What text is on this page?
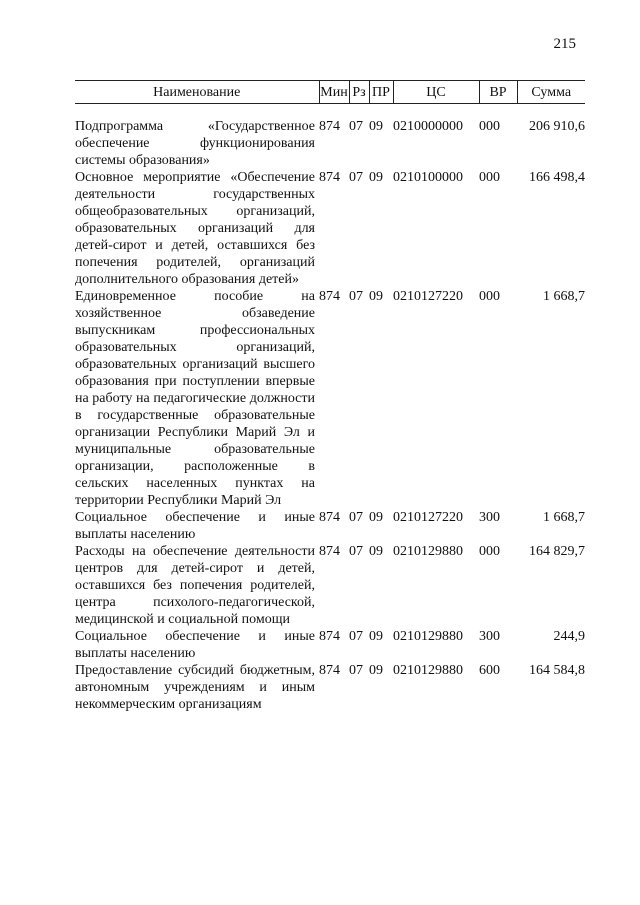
215
Наименование	Мин	Рз	ПР	ЦС	ВР	Сумма

Подпрограмма «Государственное обеспечение функционирования системы образования»	874	07	09	0210000000	000	206 910,6
Основное мероприятие «Обеспечение деятельности государственных общеобразовательных организаций, образовательных организаций для детей-сирот и детей, оставшихся без попечения родителей, организаций дополнительного образования детей»	874	07	09	0210100000	000	166 498,4
Единовременное пособие на хозяйственное обзаведение выпускникам профессиональных образовательных организаций, образовательных организаций высшего образования при поступлении впервые на работу на педагогические должности в государственные образовательные организации Республики Марий Эл и муниципальные образовательные организации, расположенные в сельских населенных пунктах на территории Республики Марий Эл	874	07	09	0210127220	000	1 668,7
Социальное обеспечение и иные выплаты населению	874	07	09	0210127220	300	1 668,7
Расходы на обеспечение деятельности центров для детей-сирот и детей, оставшихся без попечения родителей, центра психолого-педагогической, медицинской и социальной помощи	874	07	09	0210129880	000	164 829,7
Социальное обеспечение и иные выплаты населению	874	07	09	0210129880	300	244,9
Предоставление субсидий бюджетным, автономным учреждениям и иным некоммерческим организациям	874	07	09	0210129880	600	164 584,8
